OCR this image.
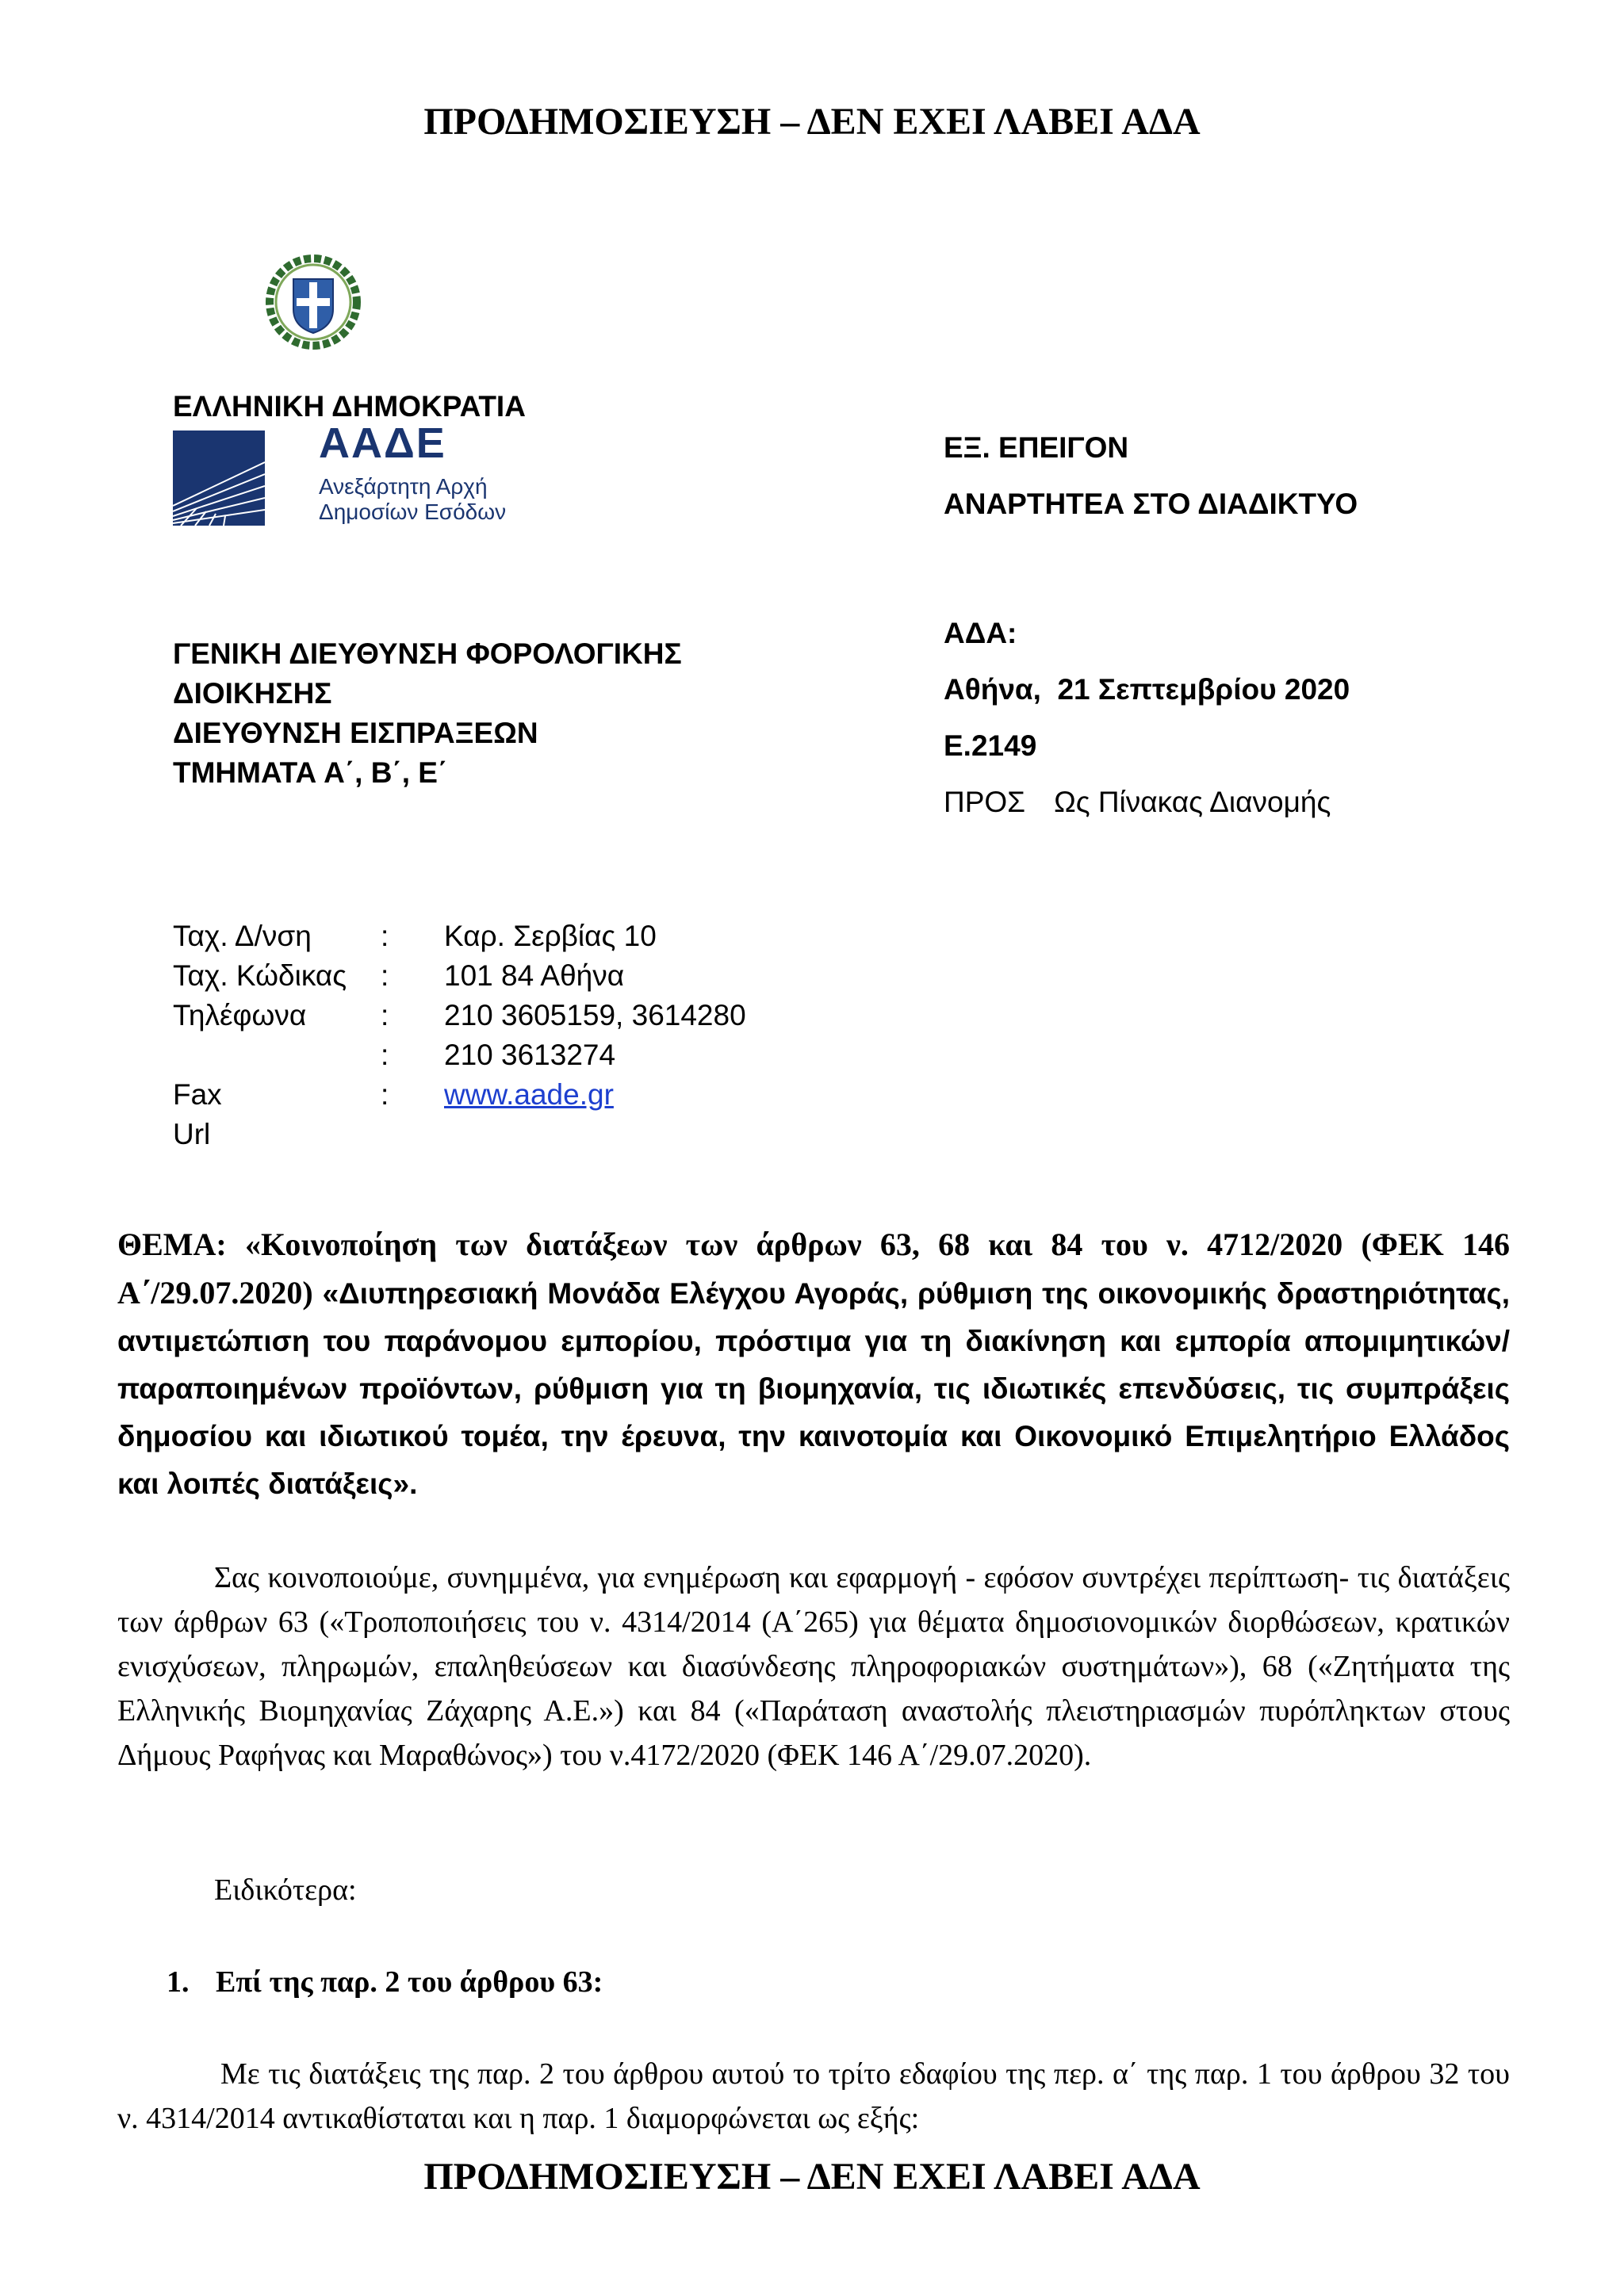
ΠΡΟΔΗΜΟΣΙΕΥΣΗ – ΔΕΝ ΕΧΕΙ ΛΑΒΕΙ ΑΔΑ
ΕΛΛΗΝΙΚΗ ΔΗΜΟΚΡΑΤΙΑ
ΑΑΔΕ
Ανεξάρτητη Αρχή
Δημοσίων Εσόδων
ΕΞ. ΕΠΕΙΓΟΝ
ΑΝΑΡΤΗΤΕΑ ΣΤΟ ΔΙΑΔΙΚΤΥΟ
ΑΔΑ:
Αθήνα,  21 Σεπτεμβρίου 2020
Ε.2149
ΠΡΟΣ Ως Πίνακας Διανομής
ΓΕΝΙΚΗ ΔΙΕΥΘΥΝΣΗ ΦΟΡΟΛΟΓΙΚΗΣ
ΔΙΟΙΚΗΣΗΣ
ΔΙΕΥΘΥΝΣΗ ΕΙΣΠΡΑΞΕΩΝ
ΤΜΗΜΑΤΑ Α΄, Β΄, Ε΄
Ταχ. Δ/νση	:	Καρ. Σερβίας 10
Ταχ. Κώδικας	:	101 84 Αθήνα
Τηλέφωνα	:	210 3605159, 3614280
:	210 3613274
Fax	:	www.aade.gr
Url
ΘΕΜΑ: «Κοινοποίηση των διατάξεων των άρθρων 63, 68 και 84 του ν. 4712/2020 (ΦΕΚ 146 Α΄/29.07.2020) «Διυπηρεσιακή Μονάδα Ελέγχου Αγοράς, ρύθμιση της οικονομικής δραστηριότητας, αντιμετώπιση του παράνομου εμπορίου, πρόστιμα για τη διακίνηση και εμπορία απομιμητικών/παραποιημένων προϊόντων, ρύθμιση για τη βιομηχανία, τις ιδιωτικές επενδύσεις, τις συμπράξεις δημοσίου και ιδιωτικού τομέα, την έρευνα, την καινοτομία και Οικονομικό Επιμελητήριο Ελλάδος και λοιπές διατάξεις».
Σας κοινοποιούμε, συνημμένα, για ενημέρωση και εφαρμογή - εφόσον συντρέχει περίπτωση- τις διατάξεις των άρθρων 63 («Τροποποιήσεις του ν. 4314/2014 (Α΄265) για θέματα δημοσιονομικών διορθώσεων, κρατικών ενισχύσεων, πληρωμών, επαληθεύσεων και διασύνδεσης πληροφοριακών συστημάτων»), 68 («Ζητήματα της Ελληνικής Βιομηχανίας Ζάχαρης Α.Ε.») και 84 («Παράταση αναστολής πλειστηριασμών πυρόπληκτων στους Δήμους Ραφήνας και Μαραθώνος») του ν.4172/2020 (ΦΕΚ 146 Α΄/29.07.2020).
Ειδικότερα:
1. Επί της παρ. 2 του άρθρου 63:
Με τις διατάξεις της παρ. 2 του άρθρου αυτού το τρίτο εδαφίου της περ. α΄ της παρ. 1 του άρθρου 32 του ν. 4314/2014 αντικαθίσταται και η παρ. 1 διαμορφώνεται ως εξής:
ΠΡΟΔΗΜΟΣΙΕΥΣΗ – ΔΕΝ ΕΧΕΙ ΛΑΒΕΙ ΑΔΑ
